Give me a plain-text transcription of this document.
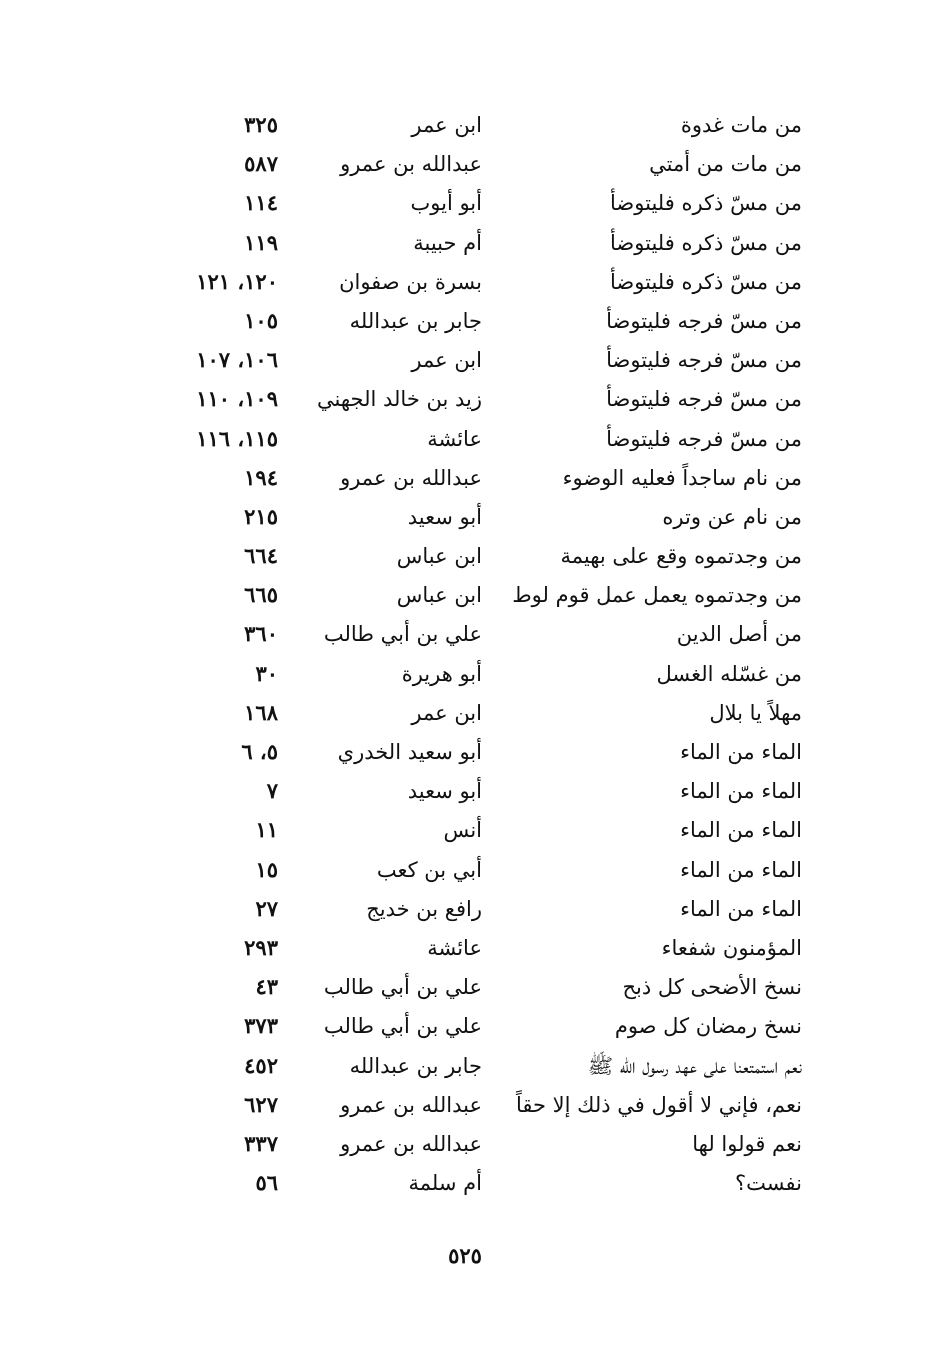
من مات غدوة
ابن عمر
٣٢٥
من مات من أمتي
عبدالله بن عمرو
٥٨٧
من مسّ ذكره فليتوضأ
أبو أيوب
١١٤
من مسّ ذكره فليتوضأ
أم حبيبة
١١٩
من مسّ ذكره فليتوضأ
بسرة بن صفوان
١٢٠، ١٢١
من مسّ فرجه فليتوضأ
جابر بن عبدالله
١٠٥
من مسّ فرجه فليتوضأ
ابن عمر
١٠٦، ١٠٧
من مسّ فرجه فليتوضأ
زيد بن خالد الجهني
١٠٩، ١١٠
من مسّ فرجه فليتوضأ
عائشة
١١٥، ١١٦
من نام ساجداً فعليه الوضوء
عبدالله بن عمرو
١٩٤
من نام عن وتره
أبو سعيد
٢١٥
من وجدتموه وقع على بهيمة
ابن عباس
٦٦٤
من وجدتموه يعمل عمل قوم لوط
ابن عباس
٦٦٥
من أصل الدين
علي بن أبي طالب
٣٦٠
من غسّله الغسل
أبو هريرة
٣٠
مهلاً يا بلال
ابن عمر
١٦٨
الماء من الماء
أبو سعيد الخدري
٥، ٦
الماء من الماء
أبو سعيد
٧
الماء من الماء
أنس
١١
الماء من الماء
أبي بن كعب
١٥
الماء من الماء
رافع بن خديج
٢٧
المؤمنون شفعاء
عائشة
٢٩٣
نسخ الأضحى كل ذبح
علي بن أبي طالب
٤٣
نسخ رمضان كل صوم
علي بن أبي طالب
٣٧٣
نعم استمتعنا على عهد رسول الله ﷺ
جابر بن عبدالله
٤٥٢
نعم، فإني لا أقول في ذلك إلا حقاً
عبدالله بن عمرو
٦٢٧
نعم قولوا لها
عبدالله بن عمرو
٣٣٧
نفست؟
أم سلمة
٥٦
٥٢٥
